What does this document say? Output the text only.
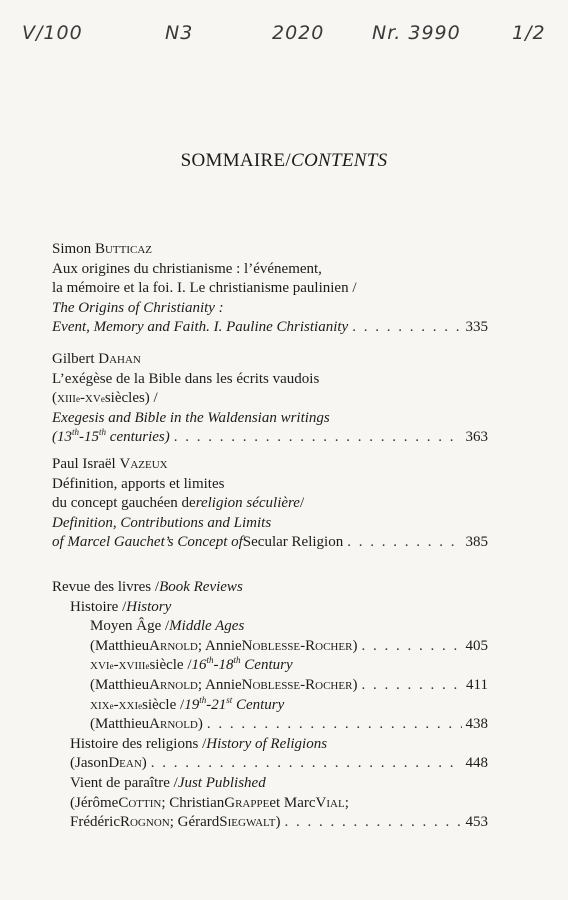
V/100	N3	2020	Nr. 3990	1/2
SOMMAIRE/CONTENTS
Simon
Butticaz
Aux origines du christianisme : l’événement,
la mémoire et la foi. I. Le christianisme paulinien /
The Origins of Christianity :
Event, Memory and Faith. I. Pauline Christianity . . .	335
Gilbert
Dahan
L’exégèse de la Bible dans les écrits vaudois
(xiii e -xv e siècles) /
Exegesis and Bible in the Waldensian writings
(13th-15th centuries) . . .	363
Paul Israël
Vazeux
Définition, apports et limites
du concept gauchéen de religion séculière /
Definition, Contributions and Limits
of Marcel Gauchet’s Concept of Secular Religion . . .	385
Revue des livres / Book Reviews
Histoire / History
Moyen Âge / Middle Ages
(Matthieu Arnold ; Annie Noblesse-Rocher ) . . .	405
xvi e -xviii e siècle / 16th-18th Century
(Matthieu Arnold ; Annie Noblesse-Rocher ) . . .	411
xix e -xxi e siècle / 19th-21st Century
(Matthieu Arnold ) . . .	438
Histoire des religions / History of Religions
(Jason Dean ) . . .	448
Vient de paraître / Just Published
(Jérôme Cottin ; Christian Grappe et Marc Vial ;
Frédéric Rognon ; Gérard Siegwalt ) . . .	453
